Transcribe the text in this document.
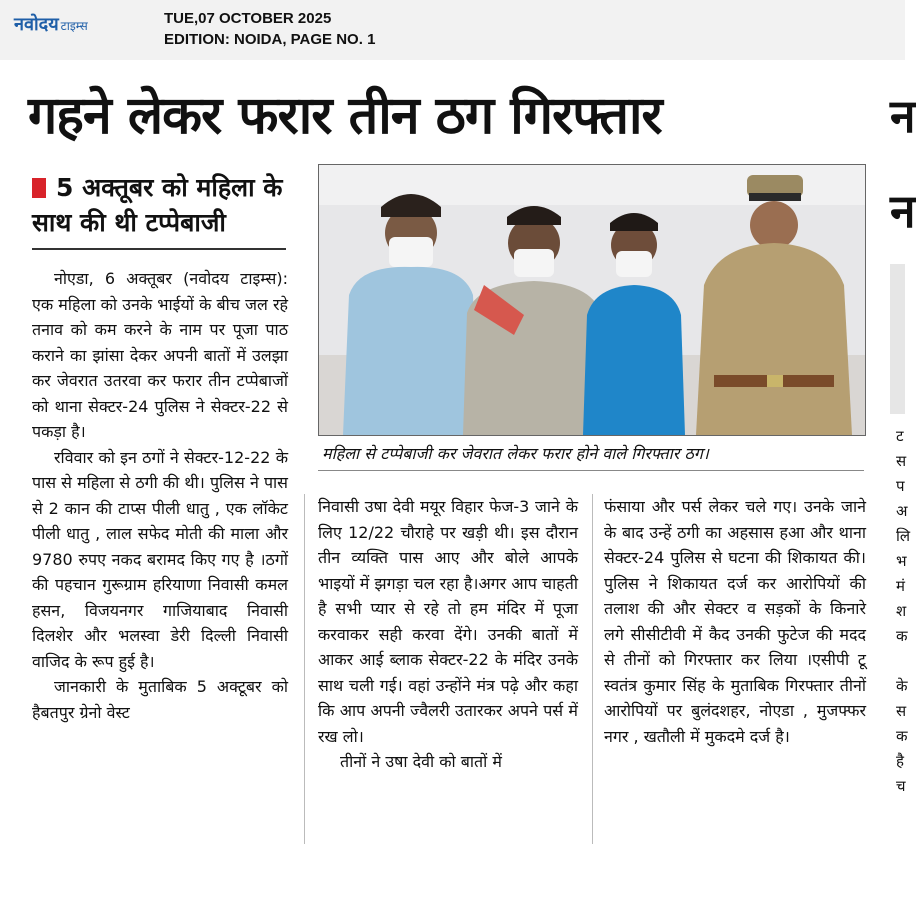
नवोदय टाइम्स	TUE,07 OCTOBER 2025
EDITION: NOIDA, PAGE NO. 1
गहने लेकर फरार तीन ठग गिरफ्तार
5 अक्तूबर को महिला के साथ की थी टप्पेबाजी
महिला से टप्पेबाजी कर जेवरात लेकर फरार होने वाले गिरफ्तार ठग।

नोएडा, 6 अक्तूबर (नवोदय टाइम्स): एक महिला को उनके भाईयों के बीच जल रहे तनाव को कम करने के नाम पर पूजा पाठ कराने का झांसा देकर अपनी बातों में उलझा कर जेवरात उतरवा कर फरार तीन टप्पेबाजों को थाना सेक्टर-24 पुलिस ने सेक्टर-22 से पकड़ा है।

रविवार को इन ठगों ने सेक्टर-12-22 के पास से महिला से ठगी की थी। पुलिस ने पास से 2 कान की टाप्स पीली धातु , एक लॉकेट पीली धातु , लाल सफेद मोती की माला और 9780 रुपए नकद बरामद किए गए है ।ठगों की पहचान गुरूग्राम हरियाणा निवासी कमल हसन, विजयनगर गाजियाबाद निवासी दिलशेर और भलस्वा डेरी दिल्ली निवासी वाजिद के रूप हुई है।

जानकारी के मुताबिक 5 अक्टूबर को हैबतपुर ग्रेनो वेस्ट

निवासी उषा देवी मयूर विहार फेज-3 जाने के लिए 12/22 चौराहे पर खड़ी थी। इस दौरान तीन व्यक्ति पास आए और बोले आपके भाइयों में झगड़ा चल रहा है।अगर आप चाहती है सभी प्यार से रहे तो हम मंदिर में पूजा करवाकर सही करवा देंगे। उनकी बातों में आकर आई ब्लाक सेक्टर-22 के मंदिर उनके साथ चली गई। वहां उन्होंने मंत्र पढ़े और कहा कि आप अपनी ज्वैलरी उतारकर अपने पर्स में रख लो।

तीनों ने उषा देवी को बातों में

फंसाया और पर्स लेकर चले गए। उनके जाने के बाद उन्हें ठगी का अहसास हआ और थाना सेक्टर-24 पुलिस से घटना की शिकायत की। पुलिस ने शिकायत दर्ज कर आरोपियों की तलाश की और सेक्टर व सड़कों के किनारे लगे सीसीटीवी में कैद उनकी फुटेज की मदद से तीनों को गिरफ्तार कर लिया ।एसीपी टू स्वतंत्र कुमार सिंह के मुताबिक गिरफ्तार तीनों आरोपियों पर बुलंदशहर, नोएडा , मुजफ्फर नगर , खतौली में मुकदमे दर्ज है।

न
न
ट
स
प
अ
लि
भ
मं
श
क
के
स
क
है
च
